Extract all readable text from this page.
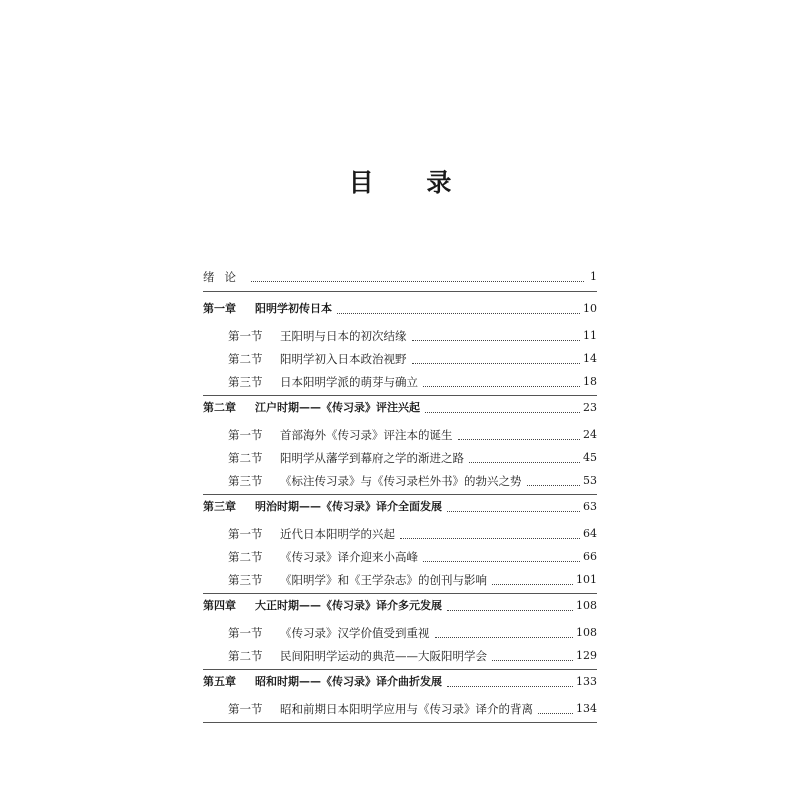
目 录
绪论	1
第一章	阳明学初传日本	10
第一节	王阳明与日本的初次结缘	11
第二节	阳明学初入日本政治视野	14
第三节	日本阳明学派的萌芽与确立	18
第二章	江户时期——《传习录》评注兴起	23
第一节	首部海外《传习录》评注本的诞生	24
第二节	阳明学从藩学到幕府之学的渐进之路	45
第三节	《标注传习录》与《传习录栏外书》的勃兴之势	53
第三章	明治时期——《传习录》译介全面发展	63
第一节	近代日本阳明学的兴起	64
第二节	《传习录》译介迎来小高峰	66
第三节	《阳明学》和《王学杂志》的创刊与影响	101
第四章	大正时期——《传习录》译介多元发展	108
第一节	《传习录》汉学价值受到重视	108
第二节	民间阳明学运动的典范——大阪阳明学会	129
第五章	昭和时期——《传习录》译介曲折发展	133
第一节	昭和前期日本阳明学应用与《传习录》译介的背离	134
